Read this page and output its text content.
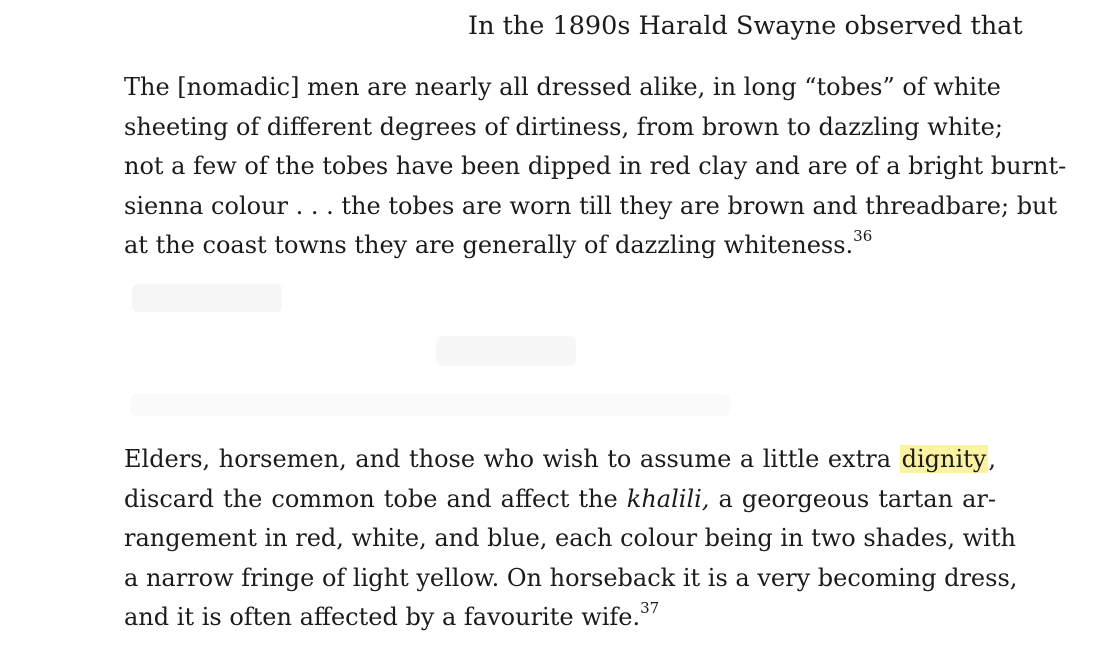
In the 1890s Harald Swayne observed that
The [nomadic] men are nearly all dressed alike, in long “tobes” of white
sheeting of different degrees of dirtiness, from brown to dazzling white;
not a few of the tobes have been dipped in red clay and are of a bright burnt-
sienna colour . . . the tobes are worn till they are brown and threadbare; but
at the coast towns they are generally of dazzling whiteness.$^{36}$
Elders, horsemen, and those who wish to assume a little extra dignity,
discard the common tobe and affect the khalili, a georgeous tartan ar-
rangement in red, white, and blue, each colour being in two shades, with
a narrow fringe of light yellow. On horseback it is a very becoming dress,
and it is often affected by a favourite wife.$^{37}$
